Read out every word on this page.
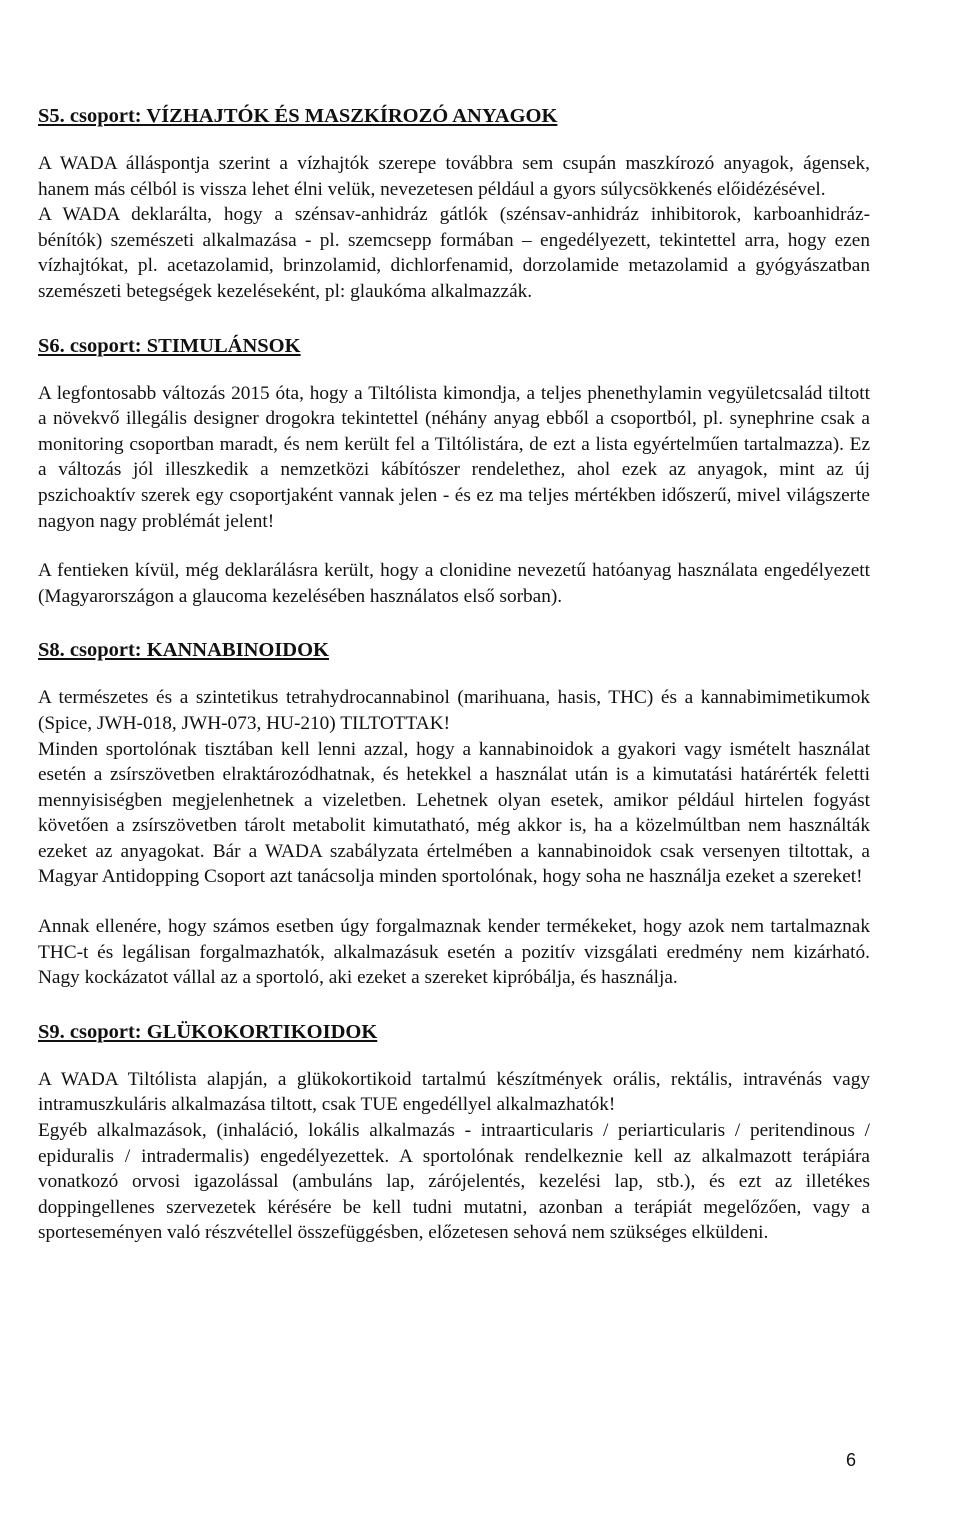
S5. csoport: VÍZHAJTÓK ÉS MASZKÍROZÓ ANYAGOK

A WADA álláspontja szerint a vízhajtók szerepe továbbra sem csupán maszkírozó anyagok, ágensek, hanem más célból is vissza lehet élni velük, nevezetesen például a gyors súlycsökkenés előidézésével.

A WADA deklarálta, hogy a szénsav-anhidráz gátlók (szénsav-anhidráz inhibitorok, karboanhidráz-bénítók) szemészeti alkalmazása - pl. szemcsepp formában – engedélyezett, tekintettel arra, hogy ezen vízhajtókat, pl. acetazolamid, brinzolamid, dichlorfenamid, dorzolamide metazolamid a gyógyászatban szemészeti betegségek kezeléseként, pl: glaukóma alkalmazzák.

S6. csoport: STIMULÁNSOK

A legfontosabb változás 2015 óta, hogy a Tiltólista kimondja, a teljes phenethylamin vegyületcsalád tiltott a növekvő illegális designer drogokra tekintettel (néhány anyag ebből a csoportból, pl. synephrine csak a monitoring csoportban maradt, és nem került fel a Tiltólistára, de ezt a lista egyértelműen tartalmazza). Ez a változás jól illeszkedik a nemzetközi kábítószer rendelethez, ahol ezek az anyagok, mint az új pszichoaktív szerek egy csoportjaként vannak jelen - és ez ma teljes mértékben időszerű, mivel világszerte nagyon nagy problémát jelent!

A fentieken kívül, még deklarálásra került, hogy a clonidine nevezetű hatóanyag használata engedélyezett (Magyarországon a glaucoma kezelésében használatos első sorban).

S8. csoport: KANNABINOIDOK

A természetes és a szintetikus tetrahydrocannabinol (marihuana, hasis, THC) és a kannabimimetikumok (Spice, JWH-018, JWH-073, HU-210) TILTOTTAK!

Minden sportolónak tisztában kell lenni azzal, hogy a kannabinoidok a gyakori vagy ismételt használat esetén a zsírszövetben elraktározódhatnak, és hetekkel a használat után is a kimutatási határérték feletti mennyisiségben megjelenhetnek a vizeletben. Lehetnek olyan esetek, amikor például hirtelen fogyást követően a zsírszövetben tárolt metabolit kimutatható, még akkor is, ha a közelmúltban nem használták ezeket az anyagokat. Bár a WADA szabályzata értelmében a kannabinoidok csak versenyen tiltottak, a Magyar Antidopping Csoport azt tanácsolja minden sportolónak, hogy soha ne használja ezeket a szereket!

Annak ellenére, hogy számos esetben úgy forgalmaznak kender termékeket, hogy azok nem tartalmaznak THC-t és legálisan forgalmazhatók, alkalmazásuk esetén a pozitív vizsgálati eredmény nem kizárható. Nagy kockázatot vállal az a sportoló, aki ezeket a szereket kipróbálja, és használja.

S9. csoport: GLÜKOKORTIKOIDOK

A WADA Tiltólista alapján, a glükokortikoid tartalmú készítmények orális, rektális, intravénás vagy intramuszkuláris alkalmazása tiltott, csak TUE engedéllyel alkalmazhatók!

Egyéb alkalmazások, (inhaláció, lokális alkalmazás - intraarticularis / periarticularis / peritendinous / epiduralis / intradermalis) engedélyezettek. A sportolónak rendelkeznie kell az alkalmazott terápiára vonatkozó orvosi igazolással (ambuláns lap, zárójelentés, kezelési lap, stb.), és ezt az illetékes doppingellenes szervezetek kérésére be kell tudni mutatni, azonban a terápiát megelőzően, vagy a sporteseményen való részvétellel összefüggésben, előzetesen sehová nem szükséges elküldeni.

6
